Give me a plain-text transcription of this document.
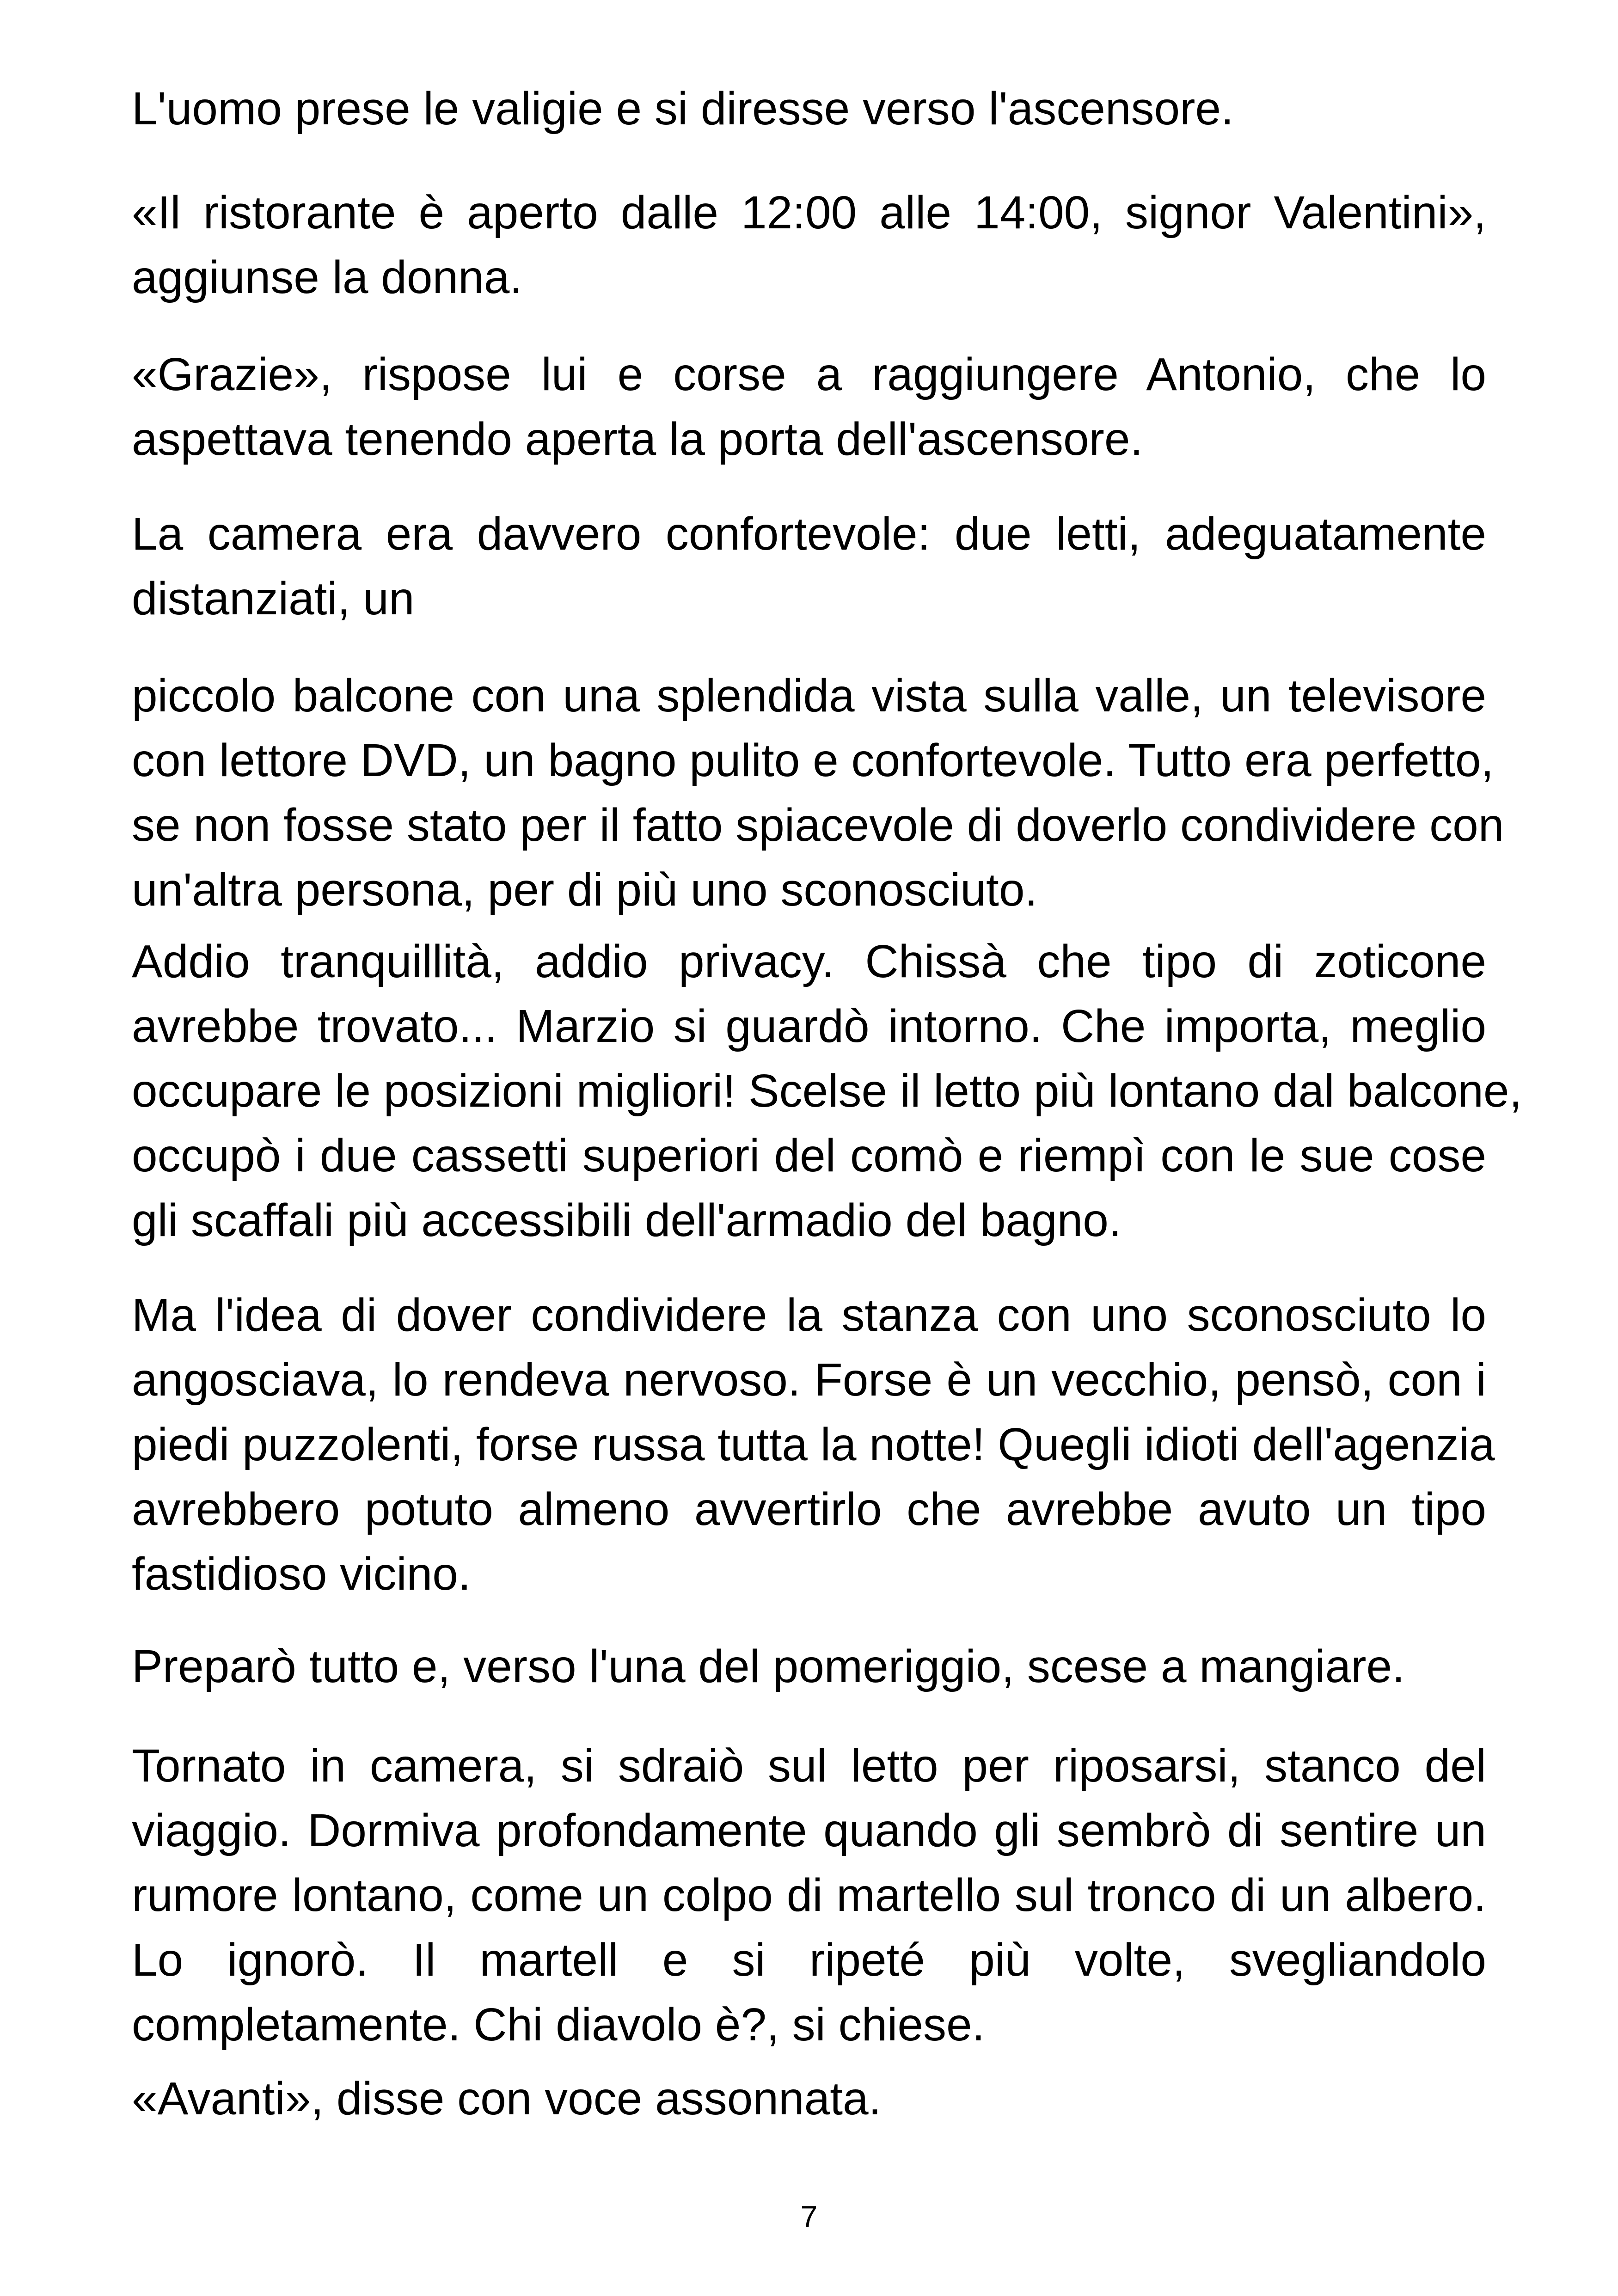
L'uomo prese le valigie e si diresse verso l'ascensore.

«Il ristorante è aperto dalle 12:00 alle 14:00, signor Valentini»,
aggiunse la donna.

«Grazie», rispose lui e corse a raggiungere Antonio, che lo
aspettava tenendo aperta la porta dell'ascensore.

La camera era davvero confortevole: due letti, adeguatamente
distanziati, un

piccolo balcone con una splendida vista sulla valle, un televisore
con lettore DVD, un bagno pulito e confortevole. Tutto era perfetto,
se non fosse stato per il fatto spiacevole di doverlo condividere con
un'altra persona, per di più uno sconosciuto.

Addio tranquillità, addio privacy. Chissà che tipo di zoticone
avrebbe trovato... Marzio si guardò intorno. Che importa, meglio
occupare le posizioni migliori! Scelse il letto più lontano dal balcone,
occupò i due cassetti superiori del comò e riempì con le sue cose
gli scaffali più accessibili dell'armadio del bagno.

Ma l'idea di dover condividere la stanza con uno sconosciuto lo
angosciava, lo rendeva nervoso. Forse è un vecchio, pensò, con i
piedi puzzolenti, forse russa tutta la notte! Quegli idioti dell'agenzia
avrebbero potuto almeno avvertirlo che avrebbe avuto un tipo
fastidioso vicino.

Preparò tutto e, verso l'una del pomeriggio, scese a mangiare.

Tornato in camera, si sdraiò sul letto per riposarsi, stanco del
viaggio. Dormiva profondamente quando gli sembrò di sentire un
rumore lontano, come un colpo di martello sul tronco di un albero.
Lo ignorò. Il martell e si ripeté più volte, svegliandolo
completamente. Chi diavolo è?, si chiese.

«Avanti», disse con voce assonnata.

7
